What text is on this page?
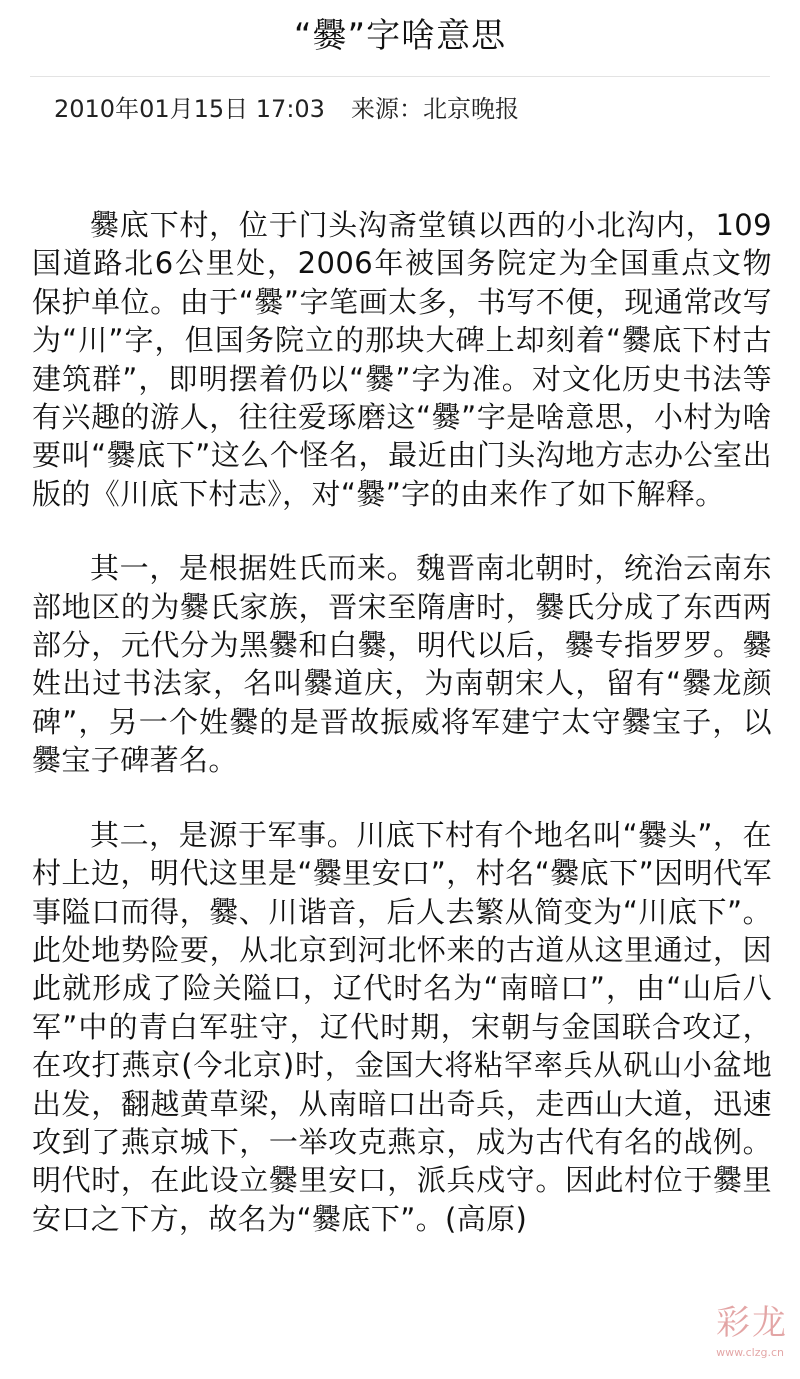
“爨”字啥意思
2010年01月15日 17:03 来源：北京晚报

爨底下村，位于门头沟斋堂镇以西的小北沟内，109国道路北6公里处，2006年被国务院定为全国重点文物保护单位。由于“爨”字笔画太多，书写不便，现通常改写为“川”字，但国务院立的那块大碑上却刻着“爨底下村古建筑群”，即明摆着仍以“爨”字为准。对文化历史书法等有兴趣的游人，往往爱琢磨这“爨”字是啥意思，小村为啥要叫“爨底下”这么个怪名，最近由门头沟地方志办公室出版的《川底下村志》，对“爨”字的由来作了如下解释。

其一，是根据姓氏而来。魏晋南北朝时，统治云南东部地区的为爨氏家族，晋宋至隋唐时，爨氏分成了东西两部分，元代分为黑爨和白爨，明代以后，爨专指罗罗。爨姓出过书法家，名叫爨道庆，为南朝宋人，留有“爨龙颜碑”，另一个姓爨的是晋故振威将军建宁太守爨宝子，以爨宝子碑著名。

其二，是源于军事。川底下村有个地名叫“爨头”，在村上边，明代这里是“爨里安口”，村名“爨底下”因明代军事隘口而得，爨、川谐音，后人去繁从简变为“川底下”。此处地势险要，从北京到河北怀来的古道从这里通过，因此就形成了险关隘口，辽代时名为“南暗口”，由“山后八军”中的青白军驻守，辽代时期，宋朝与金国联合攻辽，在攻打燕京(今北京)时，金国大将粘罕率兵从矾山小盆地出发，翻越黄草梁，从南暗口出奇兵，走西山大道，迅速攻到了燕京城下，一举攻克燕京，成为古代有名的战例。明代时，在此设立爨里安口，派兵戍守。因此村位于爨里安口之下方，故名为“爨底下”。(高原)

彩龙
www.clzg.cn
